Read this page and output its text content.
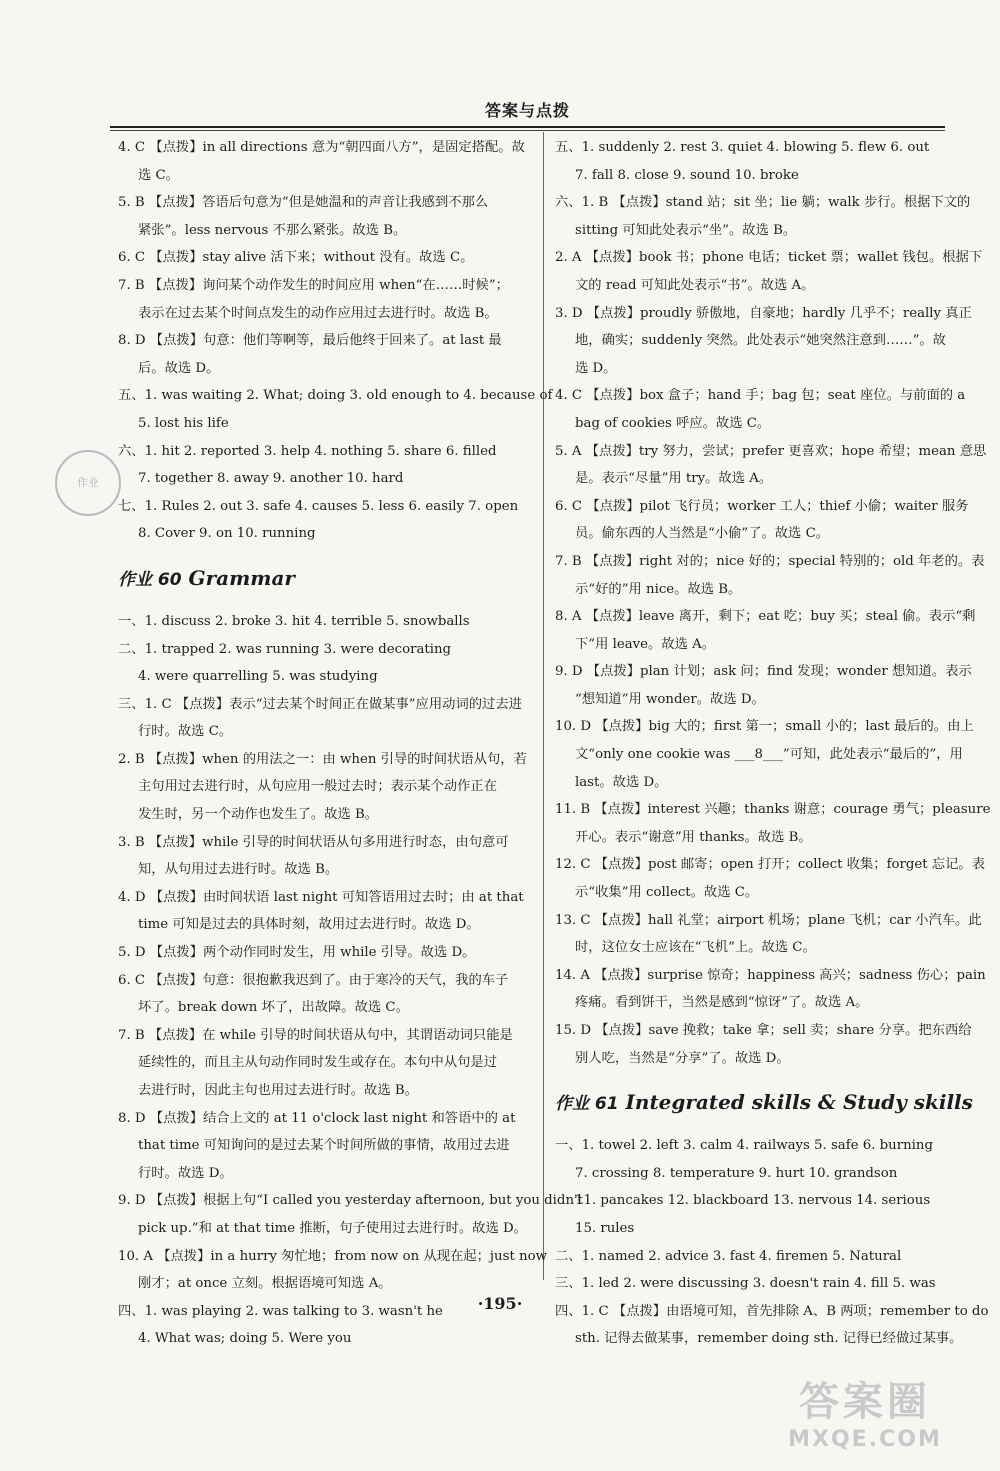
答案与点拨
4. C 【点拨】in all directions 意为“朝四面八方”，是固定搭配。故
选 C。
5. B 【点拨】答语后句意为“但是她温和的声音让我感到不那么
紧张”。less nervous 不那么紧张。故选 B。
6. C 【点拨】stay alive 活下来；without 没有。故选 C。
7. B 【点拨】询问某个动作发生的时间应用 when“在……时候”；
表示在过去某个时间点发生的动作应用过去进行时。故选 B。
8. D 【点拨】句意：他们等啊等，最后他终于回来了。at last 最
后。故选 D。
五、1. was waiting 2. What; doing 3. old enough to 4. because of
5. lost his life
六、1. hit 2. reported 3. help 4. nothing 5. share 6. filled
7. together 8. away 9. another 10. hard
七、1. Rules 2. out 3. safe 4. causes 5. less 6. easily 7. open
8. Cover 9. on 10. running
作业 60 Grammar
一、1. discuss 2. broke 3. hit 4. terrible 5. snowballs
二、1. trapped 2. was running 3. were decorating
4. were quarrelling 5. was studying
三、1. C 【点拨】表示“过去某个时间正在做某事”应用动词的过去进
行时。故选 C。
2. B 【点拨】when 的用法之一：由 when 引导的时间状语从句，若
主句用过去进行时，从句应用一般过去时；表示某个动作正在
发生时，另一个动作也发生了。故选 B。
3. B 【点拨】while 引导的时间状语从句多用进行时态，由句意可
知，从句用过去进行时。故选 B。
4. D 【点拨】由时间状语 last night 可知答语用过去时；由 at that
time 可知是过去的具体时刻，故用过去进行时。故选 D。
5. D 【点拨】两个动作同时发生，用 while 引导。故选 D。
6. C 【点拨】句意：很抱歉我迟到了。由于寒冷的天气，我的车子
坏了。break down 坏了，出故障。故选 C。
7. B 【点拨】在 while 引导的时间状语从句中，其谓语动词只能是
延续性的，而且主从句动作同时发生或存在。本句中从句是过
去进行时，因此主句也用过去进行时。故选 B。
8. D 【点拨】结合上文的 at 11 o'clock last night 和答语中的 at
that time 可知询问的是过去某个时间所做的事情，故用过去进
行时。故选 D。
9. D 【点拨】根据上句“I called you yesterday afternoon, but you didn't
pick up.”和 at that time 推断，句子使用过去进行时。故选 D。
10. A 【点拨】in a hurry 匆忙地；from now on 从现在起；just now
刚才；at once 立刻。根据语境可知选 A。
四、1. was playing 2. was talking to 3. wasn't he
4. What was; doing 5. Were you
五、1. suddenly 2. rest 3. quiet 4. blowing 5. flew 6. out
7. fall 8. close 9. sound 10. broke
六、1. B 【点拨】stand 站；sit 坐；lie 躺；walk 步行。根据下文的
sitting 可知此处表示“坐”。故选 B。
2. A 【点拨】book 书；phone 电话；ticket 票；wallet 钱包。根据下
文的 read 可知此处表示“书”。故选 A。
3. D 【点拨】proudly 骄傲地，自豪地；hardly 几乎不；really 真正
地，确实；suddenly 突然。此处表示“她突然注意到……”。故
选 D。
4. C 【点拨】box 盒子；hand 手；bag 包；seat 座位。与前面的 a
bag of cookies 呼应。故选 C。
5. A 【点拨】try 努力，尝试；prefer 更喜欢；hope 希望；mean 意思
是。表示“尽量”用 try。故选 A。
6. C 【点拨】pilot 飞行员；worker 工人；thief 小偷；waiter 服务
员。偷东西的人当然是“小偷”了。故选 C。
7. B 【点拨】right 对的；nice 好的；special 特别的；old 年老的。表
示“好的”用 nice。故选 B。
8. A 【点拨】leave 离开，剩下；eat 吃；buy 买；steal 偷。表示“剩
下”用 leave。故选 A。
9. D 【点拨】plan 计划；ask 问；find 发现；wonder 想知道。表示
“想知道”用 wonder。故选 D。
10. D 【点拨】big 大的；first 第一；small 小的；last 最后的。由上
文“only one cookie was ___8___”可知，此处表示“最后的”，用
last。故选 D。
11. B 【点拨】interest 兴趣；thanks 谢意；courage 勇气；pleasure
开心。表示“谢意”用 thanks。故选 B。
12. C 【点拨】post 邮寄；open 打开；collect 收集；forget 忘记。表
示“收集”用 collect。故选 C。
13. C 【点拨】hall 礼堂；airport 机场；plane 飞机；car 小汽车。此
时，这位女士应该在“飞机”上。故选 C。
14. A 【点拨】surprise 惊奇；happiness 高兴；sadness 伤心；pain
疼痛。看到饼干，当然是感到“惊讶”了。故选 A。
15. D 【点拨】save 挽救；take 拿；sell 卖；share 分享。把东西给
别人吃，当然是“分享”了。故选 D。
作业 61 Integrated skills & Study skills
一、1. towel 2. left 3. calm 4. railways 5. safe 6. burning
7. crossing 8. temperature 9. hurt 10. grandson
11. pancakes 12. blackboard 13. nervous 14. serious
15. rules
二、1. named 2. advice 3. fast 4. firemen 5. Natural
三、1. led 2. were discussing 3. doesn't rain 4. fill 5. was
四、1. C 【点拨】由语境可知，首先排除 A、B 两项；remember to do
sth. 记得去做某事，remember doing sth. 记得已经做过某事。
作业
·195·
答案圈
MXQE.COM
